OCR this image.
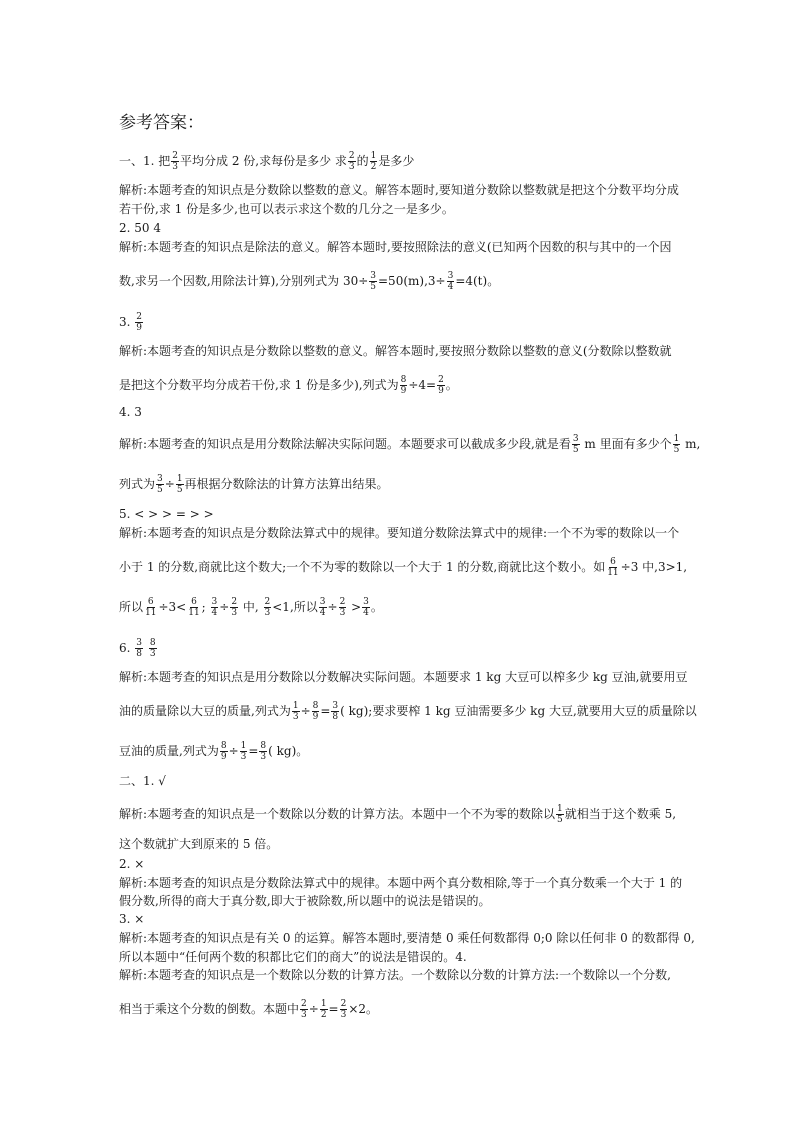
参考答案：
一、1. 把 $\frac{2}{3}$ 平均分成 2 份,求每份是多少 求 $\frac{2}{3}$ 的 $\frac{1}{2}$ 是多少
解析:本题考查的知识点是分数除以整数的意义。解答本题时,要知道分数除以整数就是把这个分数平均分成
若干份,求 1 份是多少,也可以表示求这个数的几分之一是多少。
2. 50 4
解析:本题考查的知识点是除法的意义。解答本题时,要按照除法的意义(已知两个因数的积与其中的一个因
数,求另一个因数,用除法计算),分别列式为 $30\div \frac{3}{5} =50(m),3\div \frac{3}{4} =4(t)$。
3. $\frac{2}{9}$
解析:本题考查的知识点是分数除以整数的意义。解答本题时,要按照分数除以整数的意义(分数除以整数就
是把这个分数平均分成若干份,求 1 份是多少),列式为 $\frac{8}{9} \div 4= \frac{2}{9}$ 。
4. 3
解析:本题考查的知识点是用分数除法解决实际问题。本题要求可以截成多少段,就是看 $\frac{3}{5}$ m 里面有多少个 $\frac{1}{5} m$,
列式为 $\frac{3}{5} \div \frac{1}{5}$ 再根据分数除法的计算方法算出结果。
5. < > > = > >
解析:本题考查的知识点是分数除法算式中的规律。要知道分数除法算式中的规律:一个不为零的数除以一个
小于 1 的分数,商就比这个数大;一个不为零的数除以一个大于 1 的分数,商就比这个数小。如 $\frac{6}{11} \div 3$ 中,3>1,
所以 $\frac{6}{11} \div 3< \frac{6}{11}$ ; $\frac{3}{4} \div \frac{2}{3}$ 中, $\frac{2}{3} <1$,所以 $\frac{3}{4} \div \frac{2}{3} > \frac{3}{4}$ 。
6. $\frac{3}{8}$
$\frac{8}{3}$
解析:本题考查的知识点是用分数除以分数解决实际问题。本题要求 1 kg 大豆可以榨多少 kg 豆油,就要用豆
油的质量除以大豆的质量,列式为 $\frac{1}{3} \div \frac{8}{9} = \frac{3}{8}$ ( kg);要求要榨 1 kg 豆油需要多少 kg 大豆,就要用大豆的质量除以
豆油的质量,列式为 $\frac{8}{9} \div \frac{1}{3} = \frac{8}{3}$ ( kg)。
二、1. √
解析:本题考查的知识点是一个数除以分数的计算方法。本题中一个不为零的数除以 $\frac{1}{5}$ 就相当于这个数乘 5,
这个数就扩大到原来的 5 倍。
2. ×
解析:本题考查的知识点是分数除法算式中的规律。本题中两个真分数相除,等于一个真分数乘一个大于 1 的
假分数,所得的商大于真分数,即大于被除数,所以题中的说法是错误的。
3. ×
解析:本题考查的知识点是有关 0 的运算。解答本题时,要清楚 0 乘任何数都得 0;0 除以任何非 0 的数都得 0,
所以本题中“任何两个数的积都比它们的商大”的说法是错误的。4.
解析:本题考查的知识点是一个数除以分数的计算方法。一个数除以分数的计算方法:一个数除以一个分数,
相当于乘这个分数的倒数。本题中 $\frac{2}{3} \div \frac{1}{2} = \frac{2}{3} \times 2$。
